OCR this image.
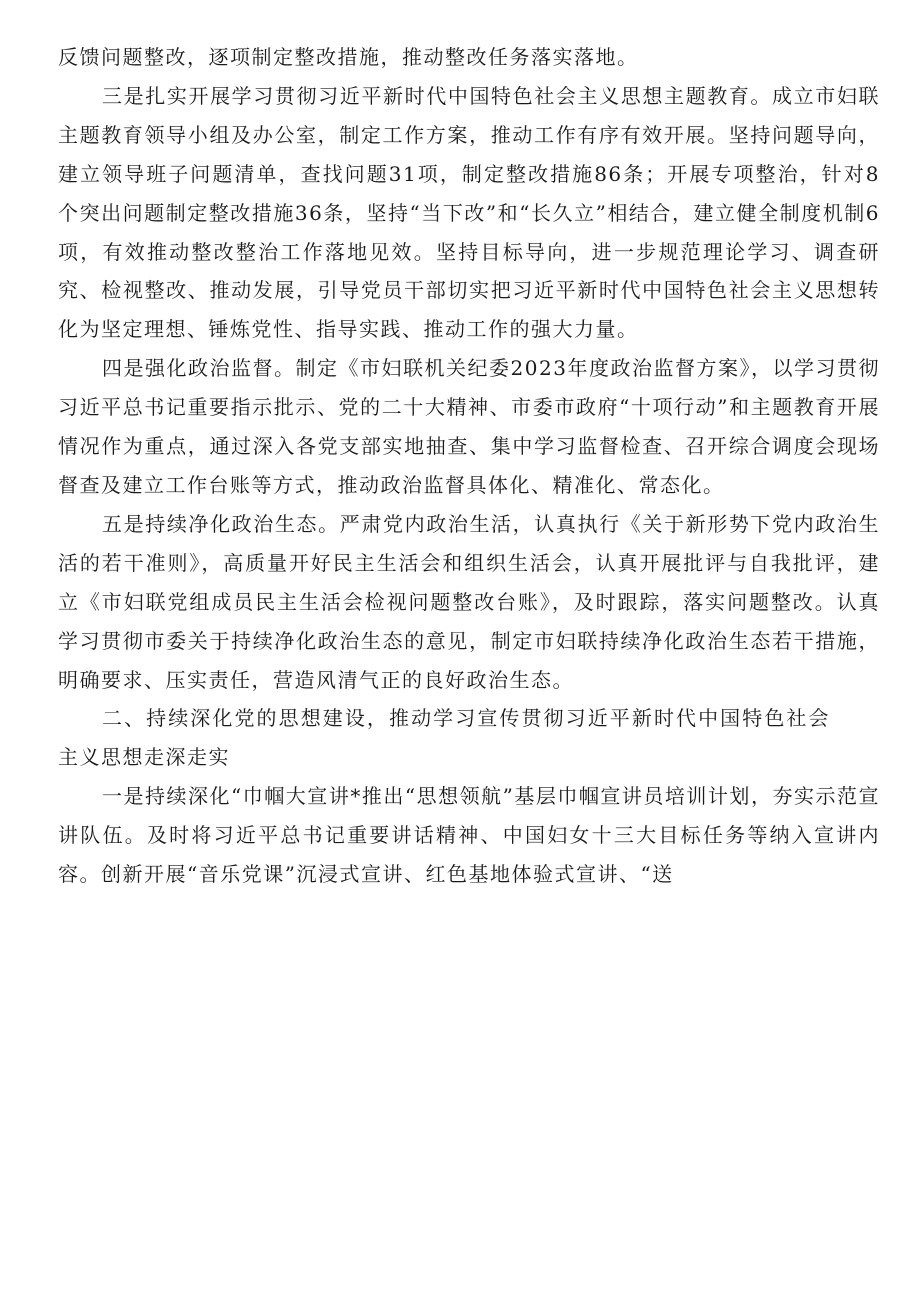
反馈问题整改，逐项制定整改措施，推动整改任务落实落地。

三是扎实开展学习贯彻习近平新时代中国特色社会主义思想主题教育。成立市妇联主题教育领导小组及办公室，制定工作方案，推动工作有序有效开展。坚持问题导向，建立领导班子问题清单，查找问题31项，制定整改措施86条；开展专项整治，针对8个突出问题制定整改措施36条，坚持“当下改”和“长久立”相结合，建立健全制度机制6项，有效推动整改整治工作落地见效。坚持目标导向，进一步规范理论学习、调查研究、检视整改、推动发展，引导党员干部切实把习近平新时代中国特色社会主义思想转化为坚定理想、锤炼党性、指导实践、推动工作的强大力量。

四是强化政治监督。制定《市妇联机关纪委2023年度政治监督方案》，以学习贯彻习近平总书记重要指示批示、党的二十大精神、市委市政府“十项行动”和主题教育开展情况作为重点，通过深入各党支部实地抽查、集中学习监督检查、召开综合调度会现场督查及建立工作台账等方式，推动政治监督具体化、精准化、常态化。

五是持续净化政治生态。严肃党内政治生活，认真执行《关于新形势下党内政治生活的若干准则》，高质量开好民主生活会和组织生活会，认真开展批评与自我批评，建立《市妇联党组成员民主生活会检视问题整改台账》，及时跟踪，落实问题整改。认真学习贯彻市委关于持续净化政治生态的意见，制定市妇联持续净化政治生态若干措施，明确要求、压实责任，营造风清气正的良好政治生态。

二、持续深化党的思想建设，推动学习宣传贯彻习近平新时代中国特色社会主义思想走深走实

一是持续深化“巾帼大宣讲*推出“思想领航”基层巾帼宣讲员培训计划，夯实示范宣讲队伍。及时将习近平总书记重要讲话精神、中国妇女十三大目标任务等纳入宣讲内容。创新开展“音乐党课”沉浸式宣讲、红色基地体验式宣讲、“送
